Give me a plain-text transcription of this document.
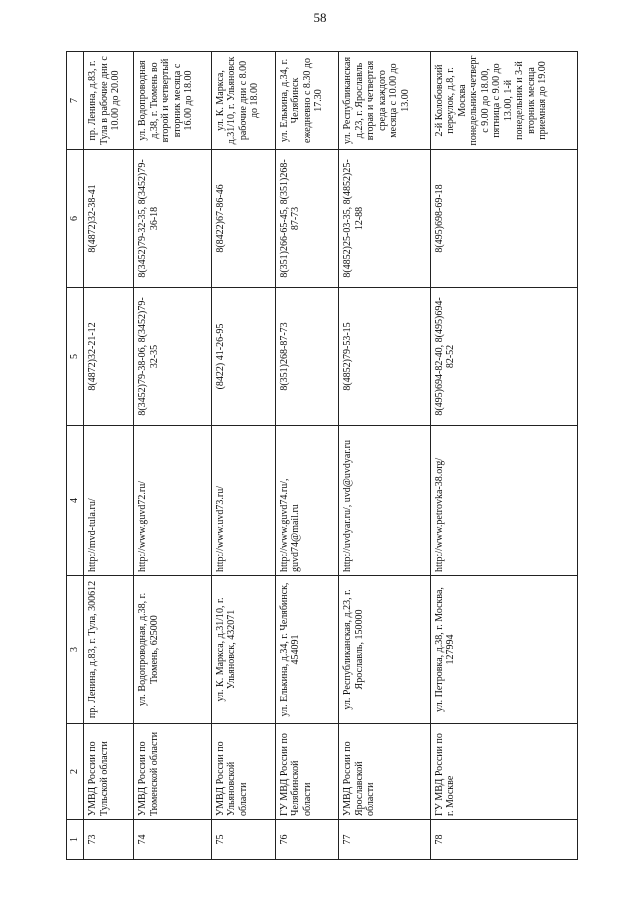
58
1	2	3	4	5	6	7
73	УМВД России по Тульской области	пр. Ленина, д.83, г. Тула, 300612	http://mvd-tula.ru/	8(4872)32-21-12	8(4872)32-38-41	пр. Ленина, д.83, г. Тула в рабочие дни с 10.00 до 20.00
74	УМВД России по Тюменской области	ул. Водопроводная, д.38, г. Тюмень, 625000	http://www.guvd72.ru/	8(3452)79-38-06, 8(3452)79-32-35	8(3452)79-32-35, 8(3452)79-36-18	ул. Водопроводная д.38, г. Тюмень во второй и четвертый вторник месяца с 16.00 до 18.00
75	УМВД России по Ульяновской области	ул. К. Маркса, д.31/10, г. Ульяновск, 432071	http://www.uvd73.ru/	(8422) 41-26-95	8(8422)67-86-46	ул. К. Маркса, д.31/10, г. Ульяновск рабочие дни с 8.00 до 18.00
76	ГУ МВД России по Челябинской области	ул. Елькина, д.34, г. Челябинск, 454091	http://www.guvd74.ru/, guvd74@mail.ru	8(351)268-87-73	8(351)266-65-45, 8(351)268-87-73	ул. Елькина, д.34, г. Челябинск ежедневно с 8.30 до 17.30
77	УМВД России по Ярославской области	ул. Республиканская, д.23, г. Ярославль, 150000	http://uvdyar.ru/, uvd@uvdyar.ru	8(4852)79-53-15	8(4852)25-03-35, 8(4852)25-12-88	ул. Республиканская д.23, г. Ярославль вторая и четвертая среда каждого месяца с 10.00 до 13.00
78	ГУ МВД России по г. Москве	ул. Петровка, д.38, г. Москва, 127994	http://www.petrovka-38.org/	8(495)694-82-40, 8(495)694-82-52	8(495)698-69-18	2-й Колобовский переулок, д.8, г. Москва понедельник-четверг с 9.00 до 18.00, пятница с 9.00 до 13.00, 1-й понедельник и 3-й вторник месяца приемная до 19.00
